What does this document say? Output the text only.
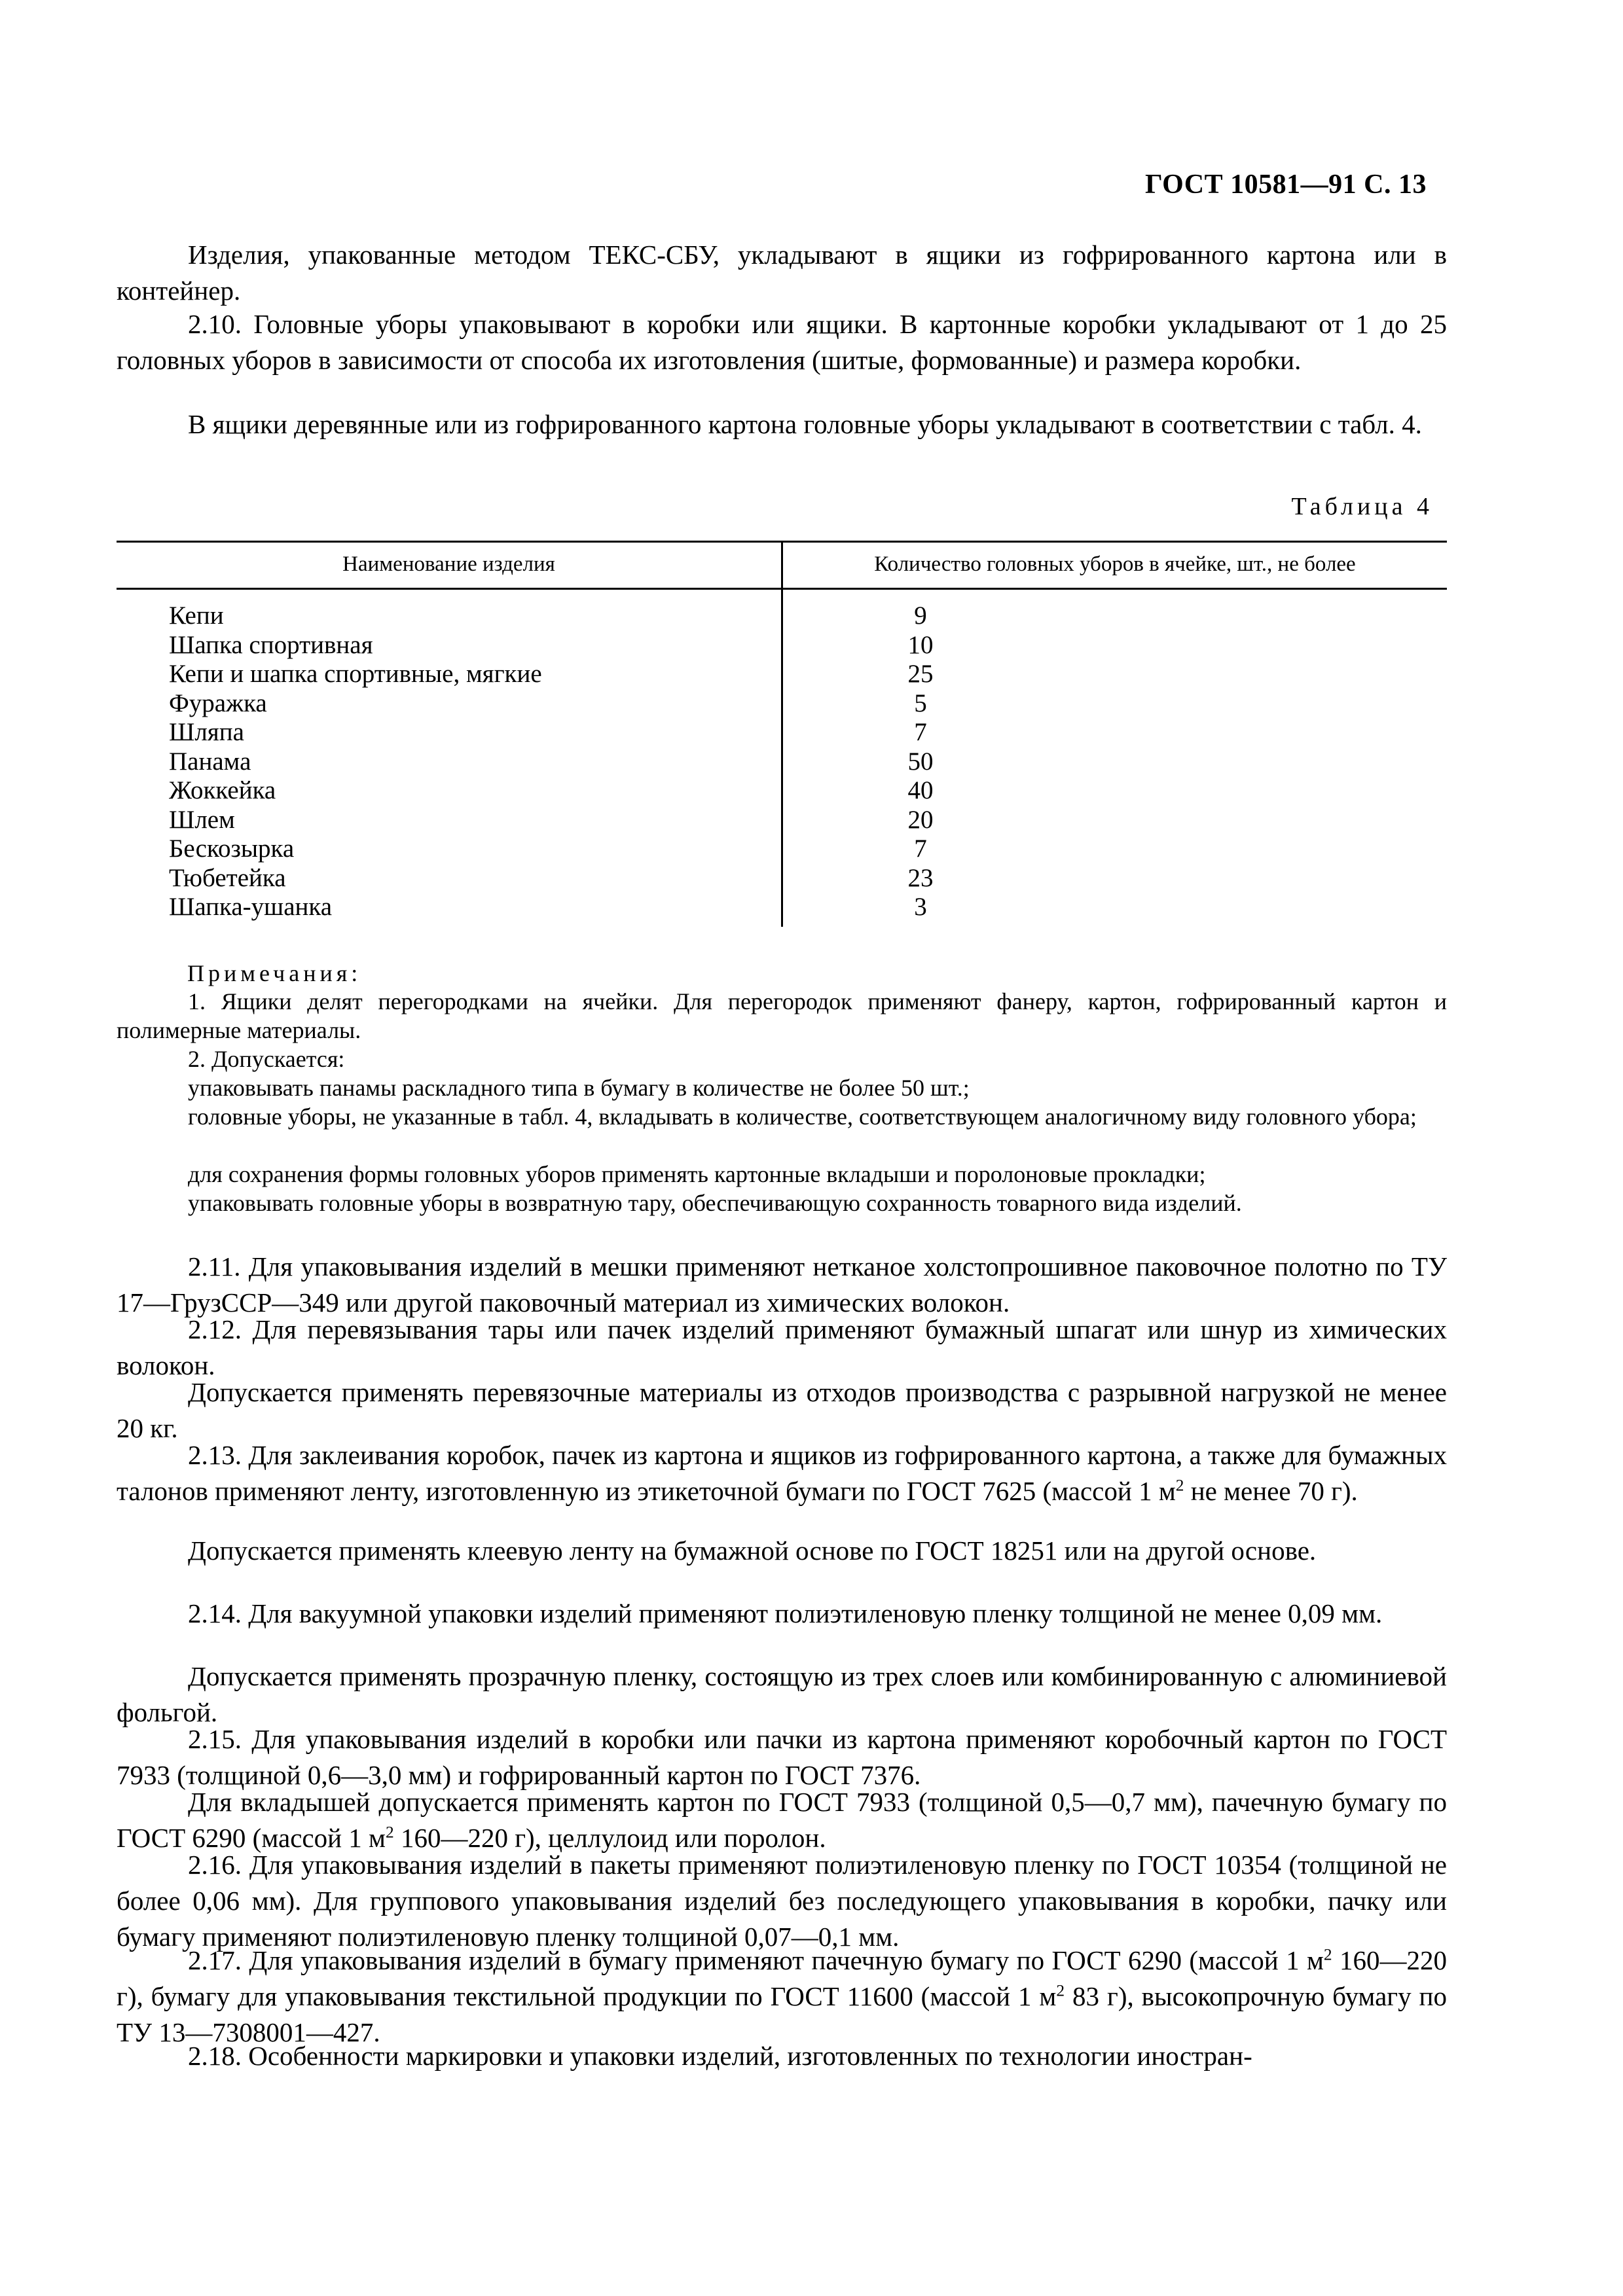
ГОСТ 10581—91 С. 13

Изделия, упакованные методом ТЕКС-СБУ, укладывают в ящики из гофрированного картона или в контейнер.

2.10. Головные уборы упаковывают в коробки или ящики. В картонные коробки укладывают от 1 до 25 головных уборов в зависимости от способа их изготовления (шитые, формованные) и размера коробки.

В ящики деревянные или из гофрированного картона головные уборы укладывают в соответствии с табл. 4.

Таблица 4
Наименование изделия	Количество головных уборов в ячейке, шт., не более
Кепи	9
Шапка спортивная	10
Кепи и шапка спортивные, мягкие	25
Фуражка	5
Шляпа	7
Панама	50
Жоккейка	40
Шлем	20
Бескозырка	7
Тюбетейка	23
Шапка-ушанка	3
Примечания:

1. Ящики делят перегородками на ячейки. Для перегородок применяют фанеру, картон, гофрированный картон и полимерные материалы.

2. Допускается:

упаковывать панамы раскладного типа в бумагу в количестве не более 50 шт.;

головные уборы, не указанные в табл. 4, вкладывать в количестве, соответствующем аналогичному виду головного убора;

для сохранения формы головных уборов применять картонные вкладыши и поролоновые прокладки;

упаковывать головные уборы в возвратную тару, обеспечивающую сохранность товарного вида изделий.

2.11. Для упаковывания изделий в мешки применяют нетканое холстопрошивное паковочное полотно по ТУ 17—ГрузССР—349 или другой паковочный материал из химических волокон.

2.12. Для перевязывания тары или пачек изделий применяют бумажный шпагат или шнур из химических волокон.

Допускается применять перевязочные материалы из отходов производства с разрывной нагрузкой не менее 20 кг.

2.13. Для заклеивания коробок, пачек из картона и ящиков из гофрированного картона, а также для бумажных талонов применяют ленту, изготовленную из этикеточной бумаги по ГОСТ 7625 (массой 1 $м^2$ не менее 70 г).

Допускается применять клеевую ленту на бумажной основе по ГОСТ 18251 или на другой основе.

2.14. Для вакуумной упаковки изделий применяют полиэтиленовую пленку толщиной не менее 0,09 мм.

Допускается применять прозрачную пленку, состоящую из трех слоев или комбинированную с алюминиевой фольгой.

2.15. Для упаковывания изделий в коробки или пачки из картона применяют коробочный картон по ГОСТ 7933 (толщиной 0,6—3,0 мм) и гофрированный картон по ГОСТ 7376.

Для вкладышей допускается применять картон по ГОСТ 7933 (толщиной 0,5—0,7 мм), пачечную бумагу по ГОСТ 6290 (массой 1 $м^2$ 160—220 г), целлулоид или поролон.

2.16. Для упаковывания изделий в пакеты применяют полиэтиленовую пленку по ГОСТ 10354 (толщиной не более 0,06 мм). Для группового упаковывания изделий без последующего упаковывания в коробки, пачку или бумагу применяют полиэтиленовую пленку толщиной 0,07—0,1 мм.

2.17. Для упаковывания изделий в бумагу применяют пачечную бумагу по ГОСТ 6290 (массой 1 $м^2$ 160—220 г), бумагу для упаковывания текстильной продукции по ГОСТ 11600 (массой 1 $м^2$ 83 г), высокопрочную бумагу по ТУ 13—7308001—427.

2.18. Особенности маркировки и упаковки изделий, изготовленных по технологии иностран-
